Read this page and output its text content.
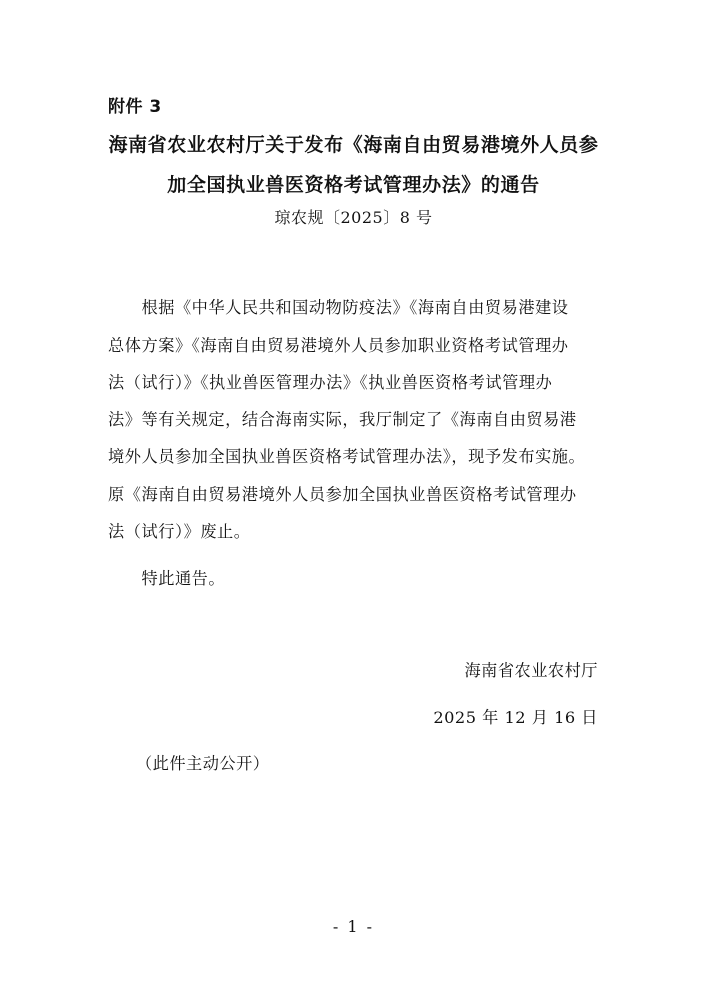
附件 3
海南省农业农村厅关于发布《海南自由贸易港境外人员参
加全国执业兽医资格考试管理办法》的通告
琼农规〔2025〕8 号
　　根据《中华人民共和国动物防疫法》《海南自由贸易港建设
总体方案》《海南自由贸易港境外人员参加职业资格考试管理办
法（试行）》《执业兽医管理办法》《执业兽医资格考试管理办
法》等有关规定，结合海南实际，我厅制定了《海南自由贸易港
境外人员参加全国执业兽医资格考试管理办法》，现予发布实施。
原《海南自由贸易港境外人员参加全国执业兽医资格考试管理办
法（试行）》废止。
　　特此通告。
海南省农业农村厅
2025 年 12 月 16 日
（此件主动公开）
- 1 -
